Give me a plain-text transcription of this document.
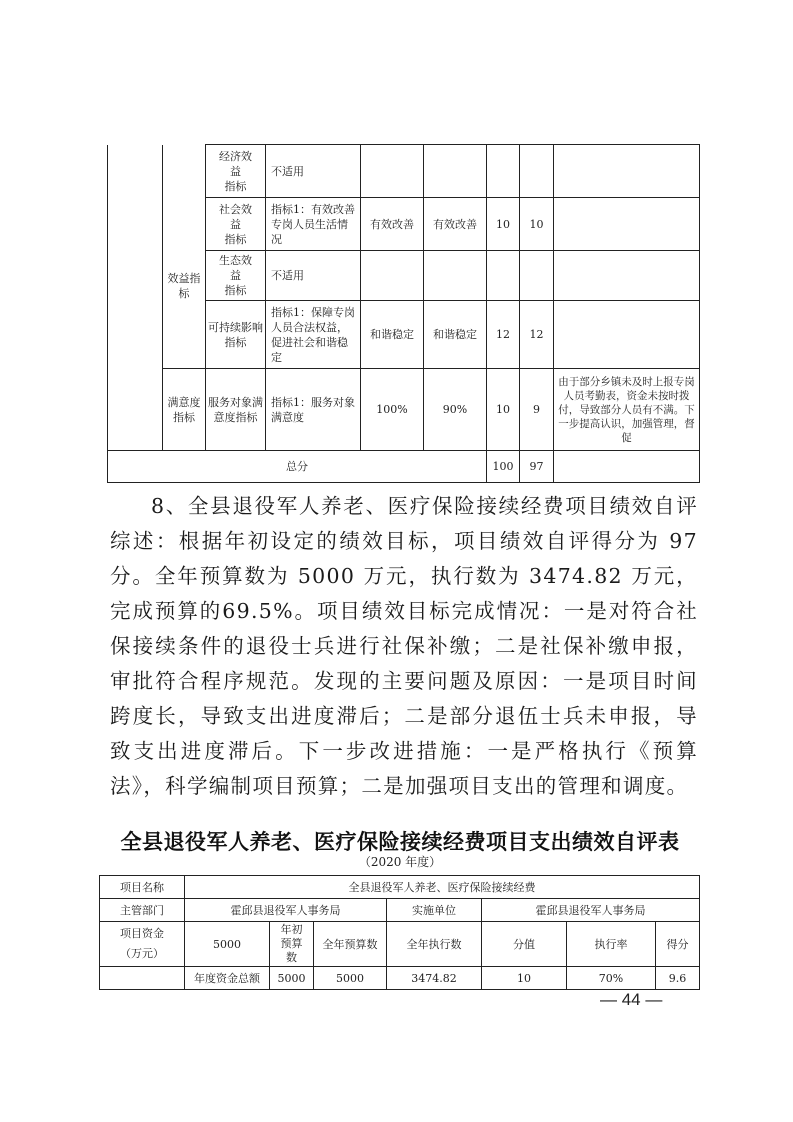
	效益指标	经济效
益
指标	不适用					
		社会效
益
指标	指标1：有效改善专岗人员生活情况	有效改善	有效改善	10	10	
		生态效
益
指标	不适用					
		可持续影响指标	指标1：保障专岗人员合法权益，促进社会和谐稳定	和谐稳定	和谐稳定	12	12	
	满意度指标	服务对象满意度指标	指标1：服务对象满意度	100%	90%	10	9	由于部分乡镇未及时上报专岗人员考勤表，资金未按时拨付，导致部分人员有不满。下一步提高认识，加强管理，督促
总分						100	97	

8、全县退役军人养老、医疗保险接续经费项目绩效自评综述：根据年初设定的绩效目标，项目绩效自评得分为 97 分。全年预算数为 5000 万元，执行数为 3474.82 万元，完成预算的69.5%。项目绩效目标完成情况：一是对符合社保接续条件的退役士兵进行社保补缴；二是社保补缴申报，审批符合程序规范。发现的主要问题及原因：一是项目时间跨度长，导致支出进度滞后；二是部分退伍士兵未申报，导致支出进度滞后。下一步改进措施：一是严格执行《预算法》，科学编制项目预算；二是加强项目支出的管理和调度。

全县退役军人养老、医疗保险接续经费项目支出绩效自评表
（2020 年度）
项目名称	全县退役军人养老、医疗保险接续经费						
主管部门	霍邱县退役军人事务局			实施单位	霍邱县退役军人事务局		
项目资金
（万元）	5000	年初预算数	全年预算数	全年执行数	分值	执行率	得分
	年度资金总额	5000	5000	3474.82	10	70%	9.6
— 44 —
